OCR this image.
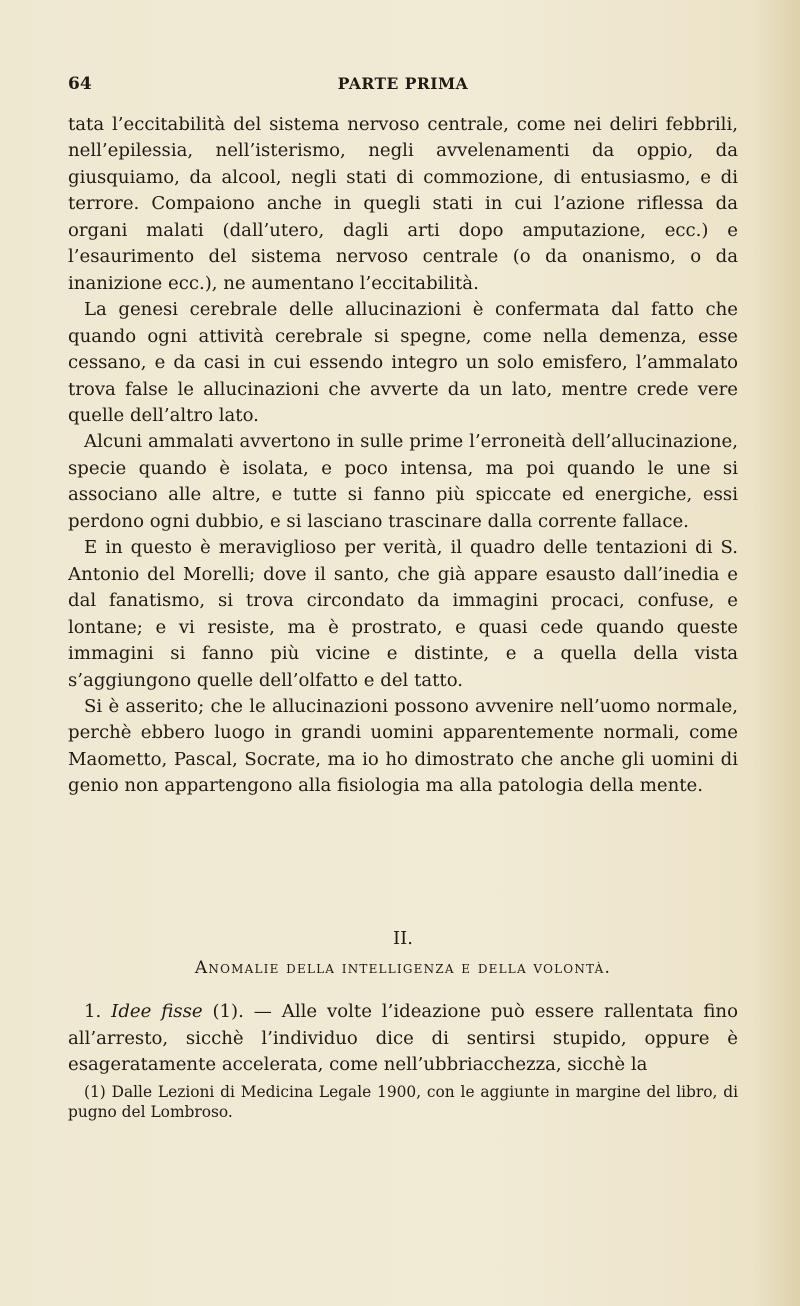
64	PARTE PRIMA

tata l’eccitabilità del sistema nervoso centrale, come nei deliri febbrili, nell’epilessia, nell’isterismo, negli avvelenamenti da oppio, da giusquiamo, da alcool, negli stati di commozione, di entusiasmo, e di terrore. Compaiono anche in quegli stati in cui l’azione riflessa da organi malati (dall’utero, dagli arti dopo amputazione, ecc.) e l’esaurimento del sistema nervoso centrale (o da onanismo, o da inanizione ecc.), ne aumentano l’eccitabilità.

La genesi cerebrale delle allucinazioni è confermata dal fatto che quando ogni attività cerebrale si spegne, come nella demenza, esse cessano, e da casi in cui essendo integro un solo emisfero, l’ammalato trova false le allucinazioni che avverte da un lato, mentre crede vere quelle dell’altro lato.

Alcuni ammalati avvertono in sulle prime l’erroneità dell’allucinazione, specie quando è isolata, e poco intensa, ma poi quando le une si associano alle altre, e tutte si fanno più spiccate ed energiche, essi perdono ogni dubbio, e si lasciano trascinare dalla corrente fallace.

E in questo è meraviglioso per verità, il quadro delle tentazioni di S. Antonio del Morelli; dove il santo, che già appare esausto dall’inedia e dal fanatismo, si trova circondato da immagini procaci, confuse, e lontane; e vi resiste, ma è prostrato, e quasi cede quando queste immagini si fanno più vicine e distinte, e a quella della vista s’aggiungono quelle dell’olfatto e del tatto.

Si è asserito; che le allucinazioni possono avvenire nell’uomo normale, perchè ebbero luogo in grandi uomini apparentemente normali, come Maometto, Pascal, Socrate, ma io ho dimostrato che anche gli uomini di genio non appartengono alla fisiologia ma alla patologia della mente.

II.
Anomalie della intelligenza e della volontà.

1. Idee fisse (1). — Alle volte l’ideazione può essere rallentata fino all’arresto, sicchè l’individuo dice di sentirsi stupido, oppure è esageratamente accelerata, come nell’ubbriacchezza, sicchè la

(1) Dalle Lezioni di Medicina Legale 1900, con le aggiunte in margine del libro, di pugno del Lombroso.
